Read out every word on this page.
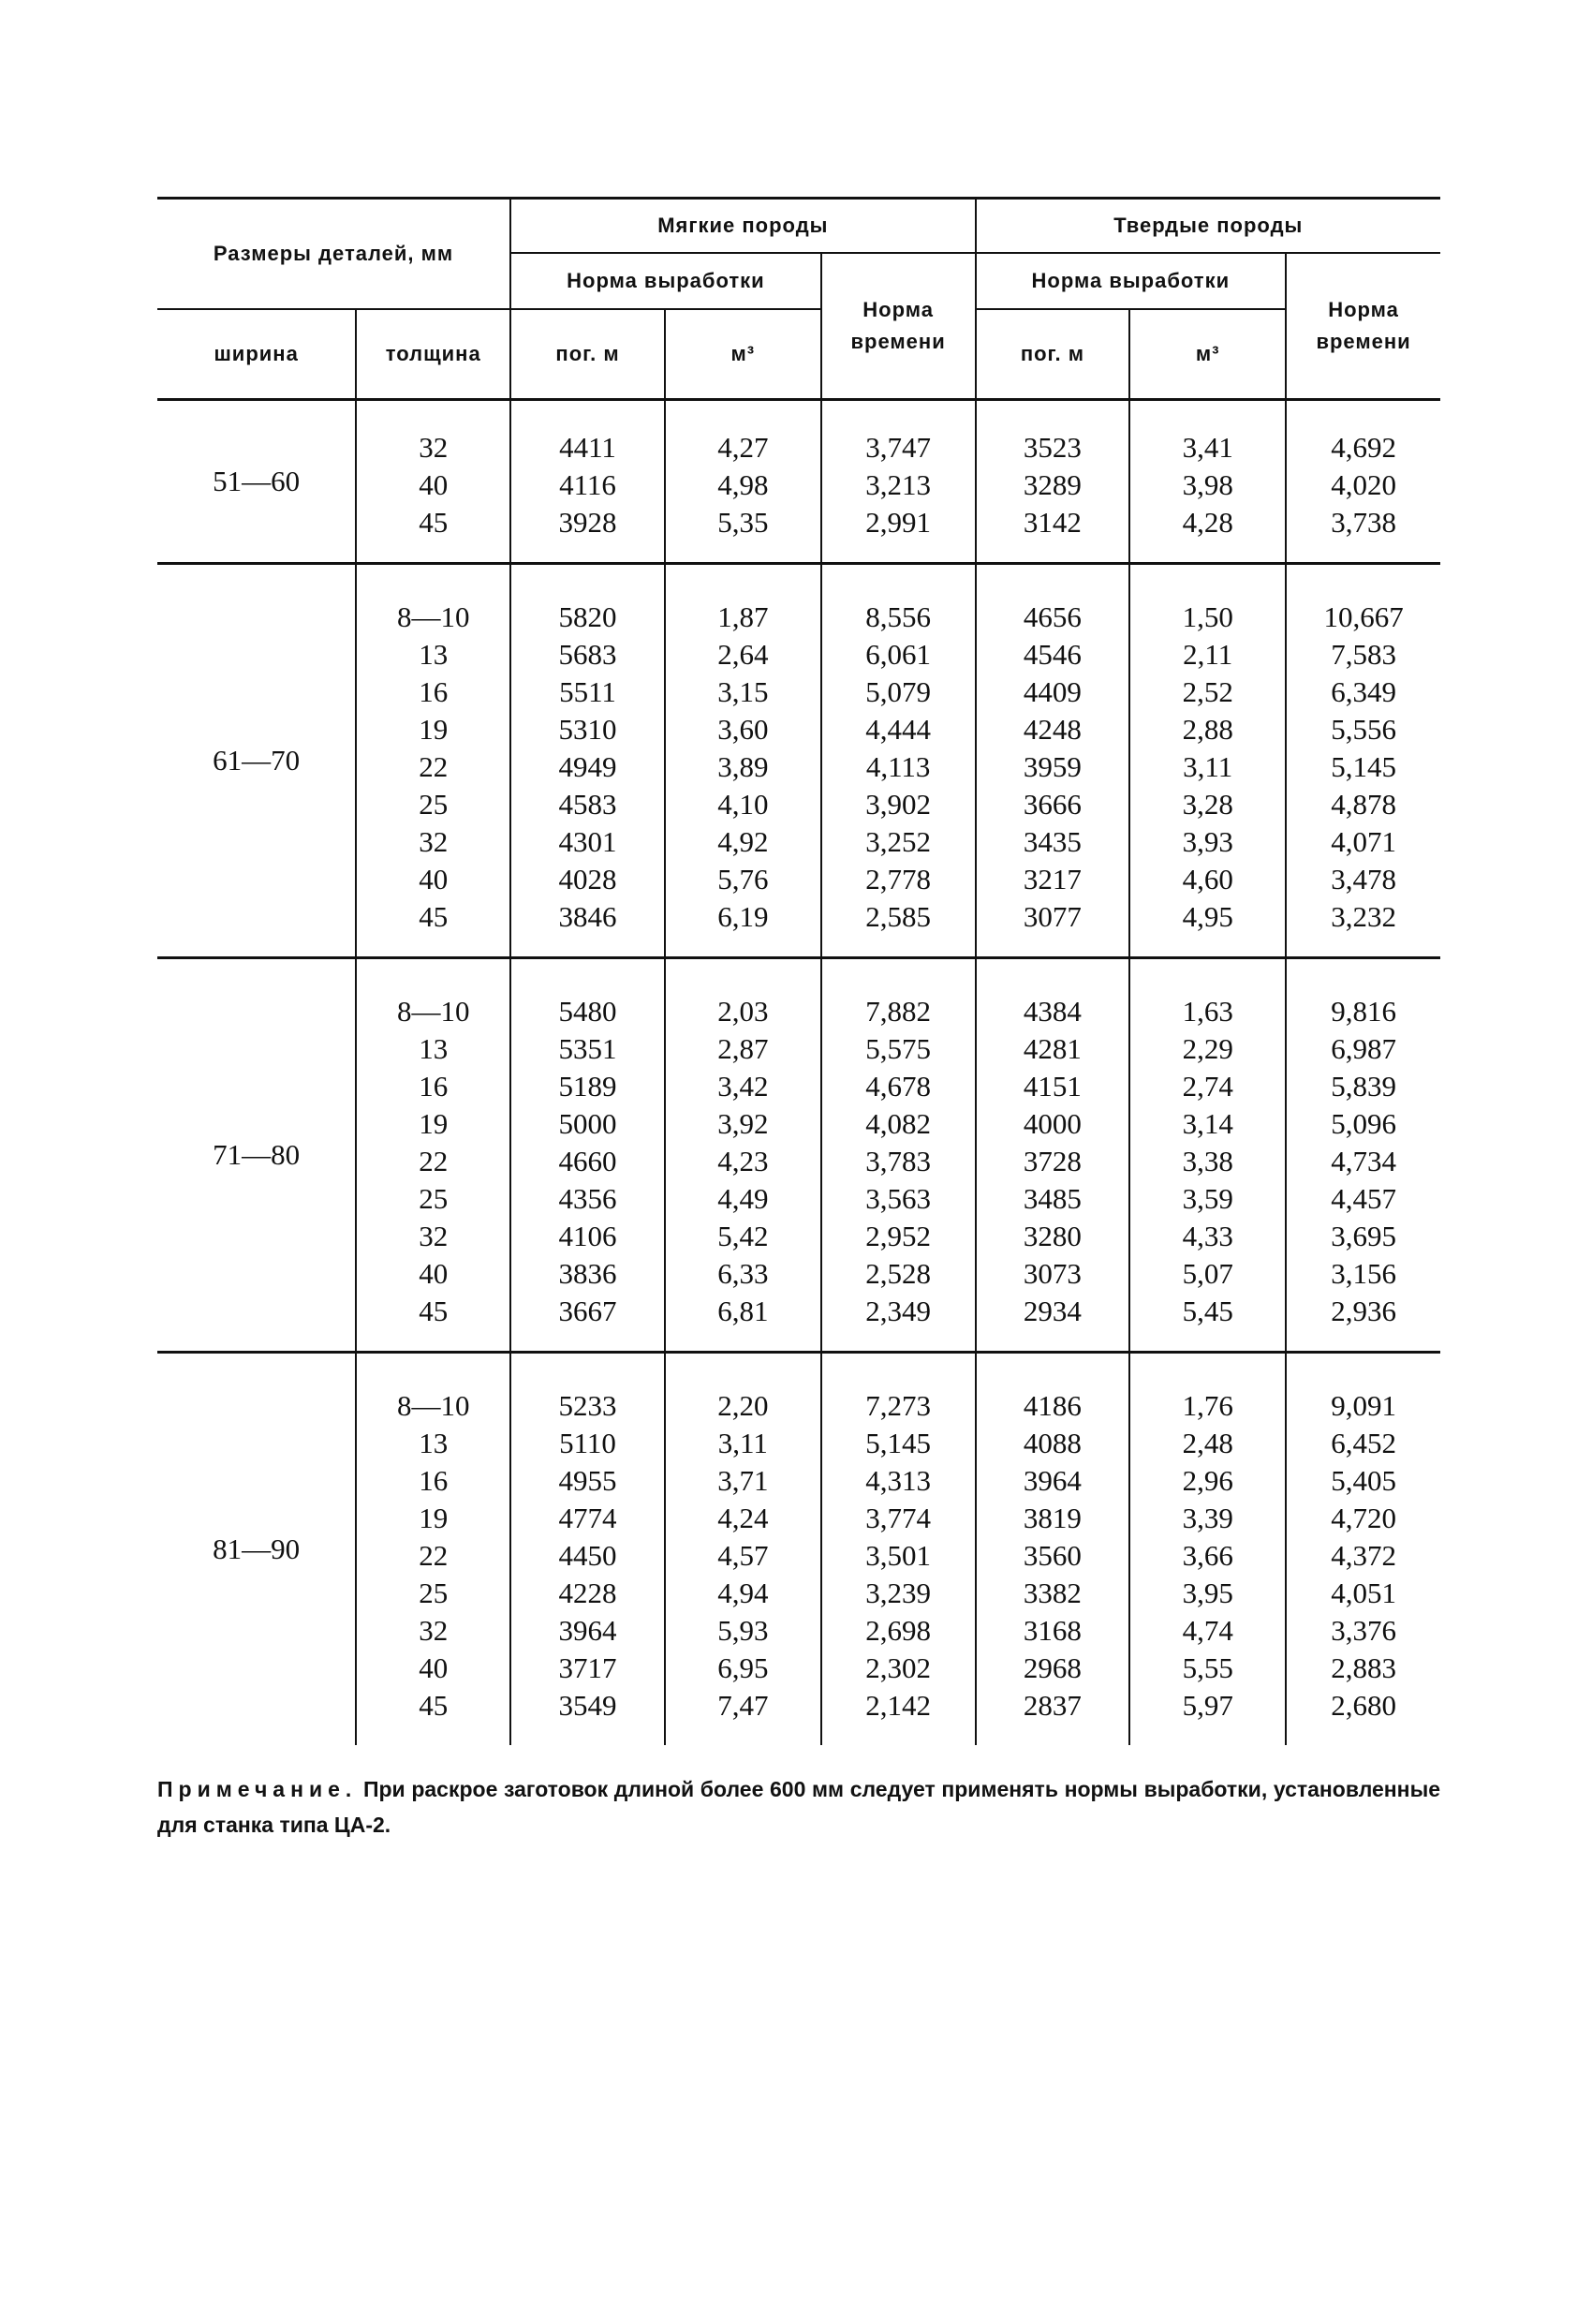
Размеры деталей, мм		Мягкие породы			Твердые породы		
		Норма выработки		Норма времени	Норма выработки		Норма времени
ширина	толщина	пог. м	м³		пог. м	м³	
51—60							
	32	4411	4,27	3,747	3523	3,41	4,692
	40	4116	4,98	3,213	3289	3,98	4,020
	45	3928	5,35	2,991	3142	4,28	3,738

61—70							
	8—10	5820	1,87	8,556	4656	1,50	10,667
	13	5683	2,64	6,061	4546	2,11	7,583
	16	5511	3,15	5,079	4409	2,52	6,349
	19	5310	3,60	4,444	4248	2,88	5,556
	22	4949	3,89	4,113	3959	3,11	5,145
	25	4583	4,10	3,902	3666	3,28	4,878
	32	4301	4,92	3,252	3435	3,93	4,071
	40	4028	5,76	2,778	3217	4,60	3,478
	45	3846	6,19	2,585	3077	4,95	3,232

71—80							
	8—10	5480	2,03	7,882	4384	1,63	9,816
	13	5351	2,87	5,575	4281	2,29	6,987
	16	5189	3,42	4,678	4151	2,74	5,839
	19	5000	3,92	4,082	4000	3,14	5,096
	22	4660	4,23	3,783	3728	3,38	4,734
	25	4356	4,49	3,563	3485	3,59	4,457
	32	4106	5,42	2,952	3280	4,33	3,695
	40	3836	6,33	2,528	3073	5,07	3,156
	45	3667	6,81	2,349	2934	5,45	2,936

81—90							
	8—10	5233	2,20	7,273	4186	1,76	9,091
	13	5110	3,11	5,145	4088	2,48	6,452
	16	4955	3,71	4,313	3964	2,96	5,405
	19	4774	4,24	3,774	3819	3,39	4,720
	22	4450	4,57	3,501	3560	3,66	4,372
	25	4228	4,94	3,239	3382	3,95	4,051
	32	3964	5,93	2,698	3168	4,74	3,376
	40	3717	6,95	2,302	2968	5,55	2,883
	45	3549	7,47	2,142	2837	5,97	2,680

Примечание. При раскрое заготовок длиной более 600 мм следует применять нормы выработки, установленные для станка типа ЦА-2.
